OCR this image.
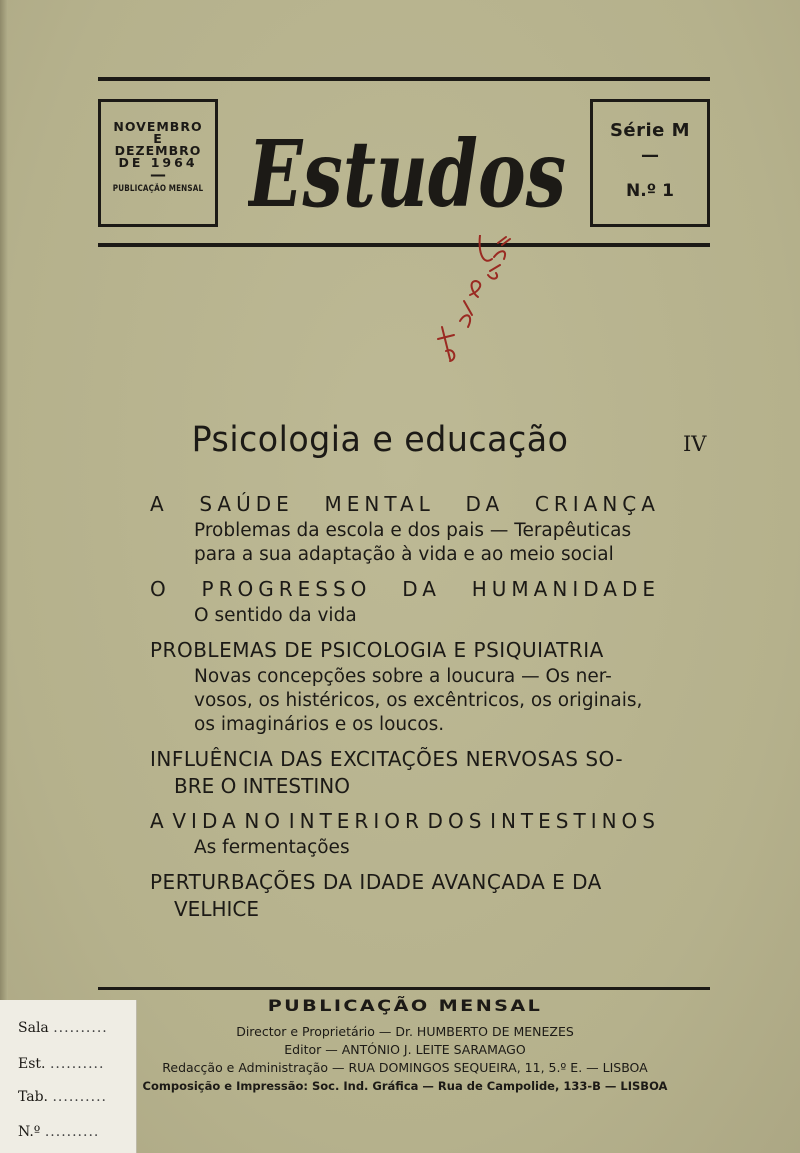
NOVEMBRO
E
DEZEMBRO
DE 1964
—
PUBLICAÇÃO MENSAL Estudos	Série M
—
N.º 1
Psicologia e educação	IV
A SAÚDE MENTAL DA CRIANÇA
Problemas da escola e dos pais — Terapêuticas
para a sua adaptação à vida e ao meio social
O PROGRESSO DA HUMANIDADE
O sentido da vida
PROBLEMAS DE PSICOLOGIA E PSIQUIATRIA
Novas concepções sobre a loucura — Os ner-
vosos, os histéricos, os excêntricos, os originais,
os imaginários e os loucos.
INFLUÊNCIA DAS EXCITAÇÕES NERVOSAS SO-
BRE O INTESTINO
A VIDA NO INTERIOR DOS INTESTINOS
As fermentações
PERTURBAÇÕES DA IDADE AVANÇADA E DA
VELHICE
PUBLICAÇÃO MENSAL
Director e Proprietário — Dr. HUMBERTO DE MENEZES
Editor — ANTÓNIO J. LEITE SARAMAGO
Redacção e Administração — RUA DOMINGOS SEQUEIRA, 11, 5.º E. — LISBOA
Composição e Impressão: Soc. Ind. Gráfica — Rua de Campolide, 133-B — LISBOA
Sala ..........
Est. ..........
Tab. ..........
N.º ..........
